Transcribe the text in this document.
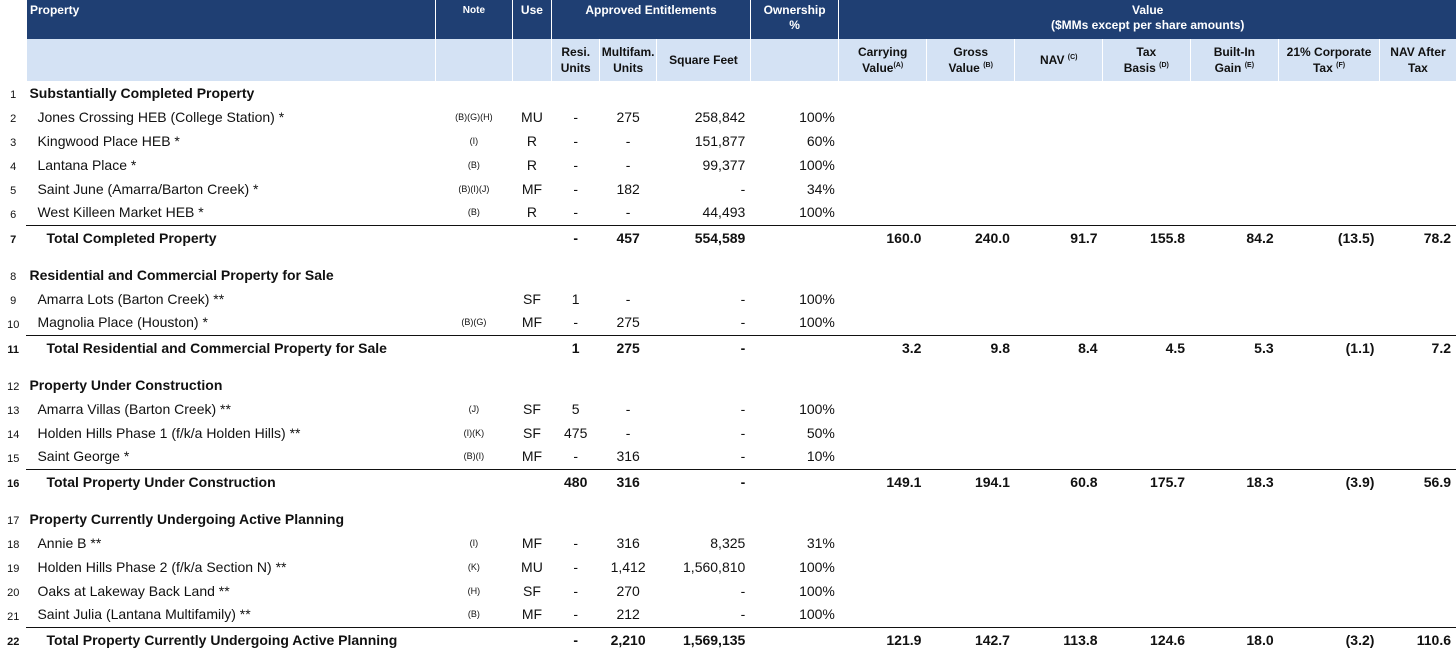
	Property	Note	Use	Approved Entitlements			Ownership %	Value
($MMs except per share amounts)						

				Resi. Units	Multifam. Units	Square Feet		Carrying Value$^{(A)}$	Gross Value $^{(B)}$	NAV $^{(C)}$	Tax Basis $^{(D)}$	Built-In Gain $^{(E)}$	21% Corporate Tax $^{(F)}$	NAV After Tax

1	Substantially Completed Property													
2	Jones Crossing HEB (College Station) *	(B)(G)(H)	MU	-	275	258,842	100%							
3	Kingwood Place HEB *	(I)	R	-	-	151,877	60%							
4	Lantana Place *	(B)	R	-	-	99,377	100%							
5	Saint June (Amarra/Barton Creek) *	(B)(I)(J)	MF	-	182	-	34%							
6	West Killeen Market HEB *	(B)	R	-	-	44,493	100%							
7	Total Completed Property			-	457	554,589		160.0	240.0	91.7	155.8	84.2	(13.5)	78.2

8	Residential and Commercial Property for Sale													
9	Amarra Lots (Barton Creek) **		SF	1	-	-	100%							
10	Magnolia Place (Houston) *	(B)(G)	MF	-	275	-	100%							
11	Total Residential and Commercial Property for Sale			1	275	-		3.2	9.8	8.4	4.5	5.3	(1.1)	7.2

12	Property Under Construction													
13	Amarra Villas (Barton Creek) **	(J)	SF	5	-	-	100%							
14	Holden Hills Phase 1 (f/k/a Holden Hills) **	(I)(K)	SF	475	-	-	50%							
15	Saint George *	(B)(I)	MF	-	316	-	10%							
16	Total Property Under Construction			480	316	-		149.1	194.1	60.8	175.7	18.3	(3.9)	56.9

17	Property Currently Undergoing Active Planning													
18	Annie B **	(I)	MF	-	316	8,325	31%							
19	Holden Hills Phase 2 (f/k/a Section N) **	(K)	MU	-	1,412	1,560,810	100%							
20	Oaks at Lakeway Back Land **	(H)	SF	-	270	-	100%							
21	Saint Julia (Lantana Multifamily) **	(B)	MF	-	212	-	100%							
22	Total Property Currently Undergoing Active Planning			-	2,210	1,569,135		121.9	142.7	113.8	124.6	18.0	(3.2)	110.6
